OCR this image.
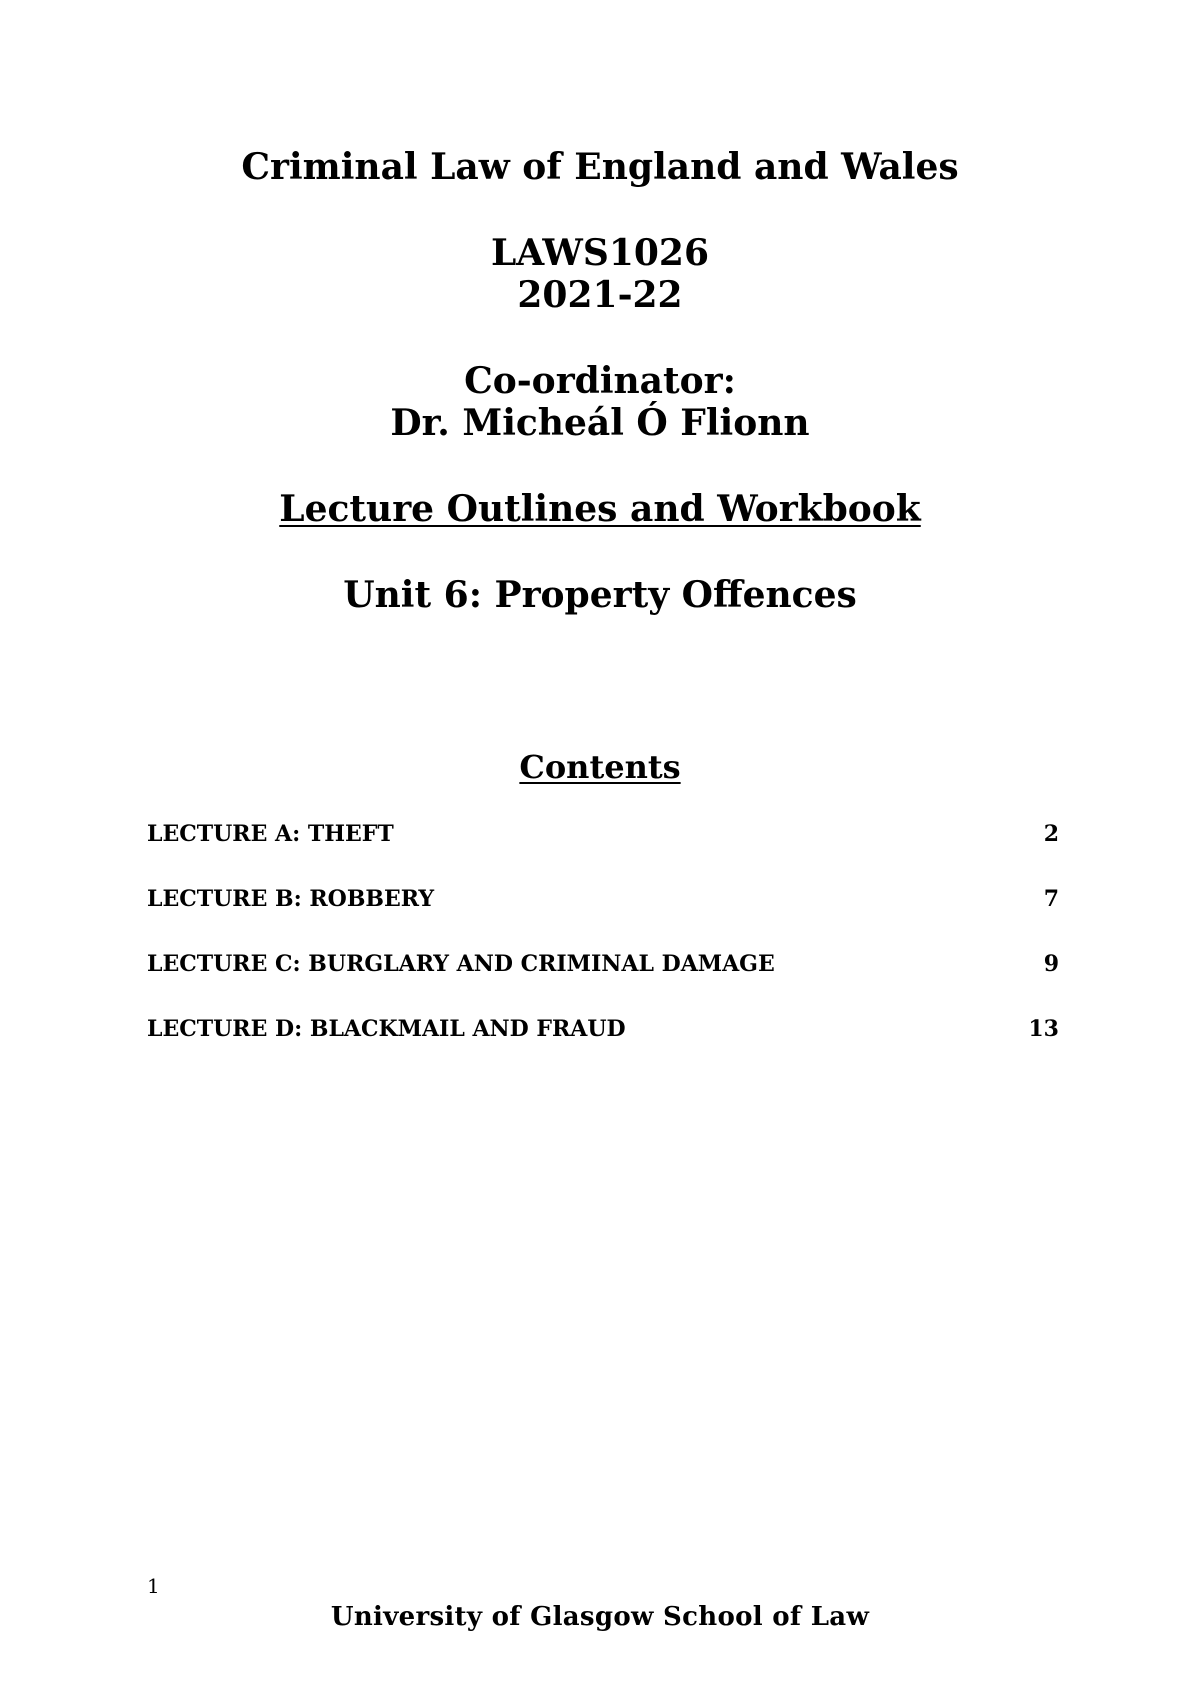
Criminal Law of England and Wales
LAWS1026
2021-22
Co-ordinator:
Dr. Micheál Ó Flionn
Lecture Outlines and Workbook
Unit 6: Property Offences
Contents
LECTURE A: THEFT	2
LECTURE B: ROBBERY	7
LECTURE C: BURGLARY AND CRIMINAL DAMAGE	9
LECTURE D: BLACKMAIL AND FRAUD	13
1
University of Glasgow School of Law
